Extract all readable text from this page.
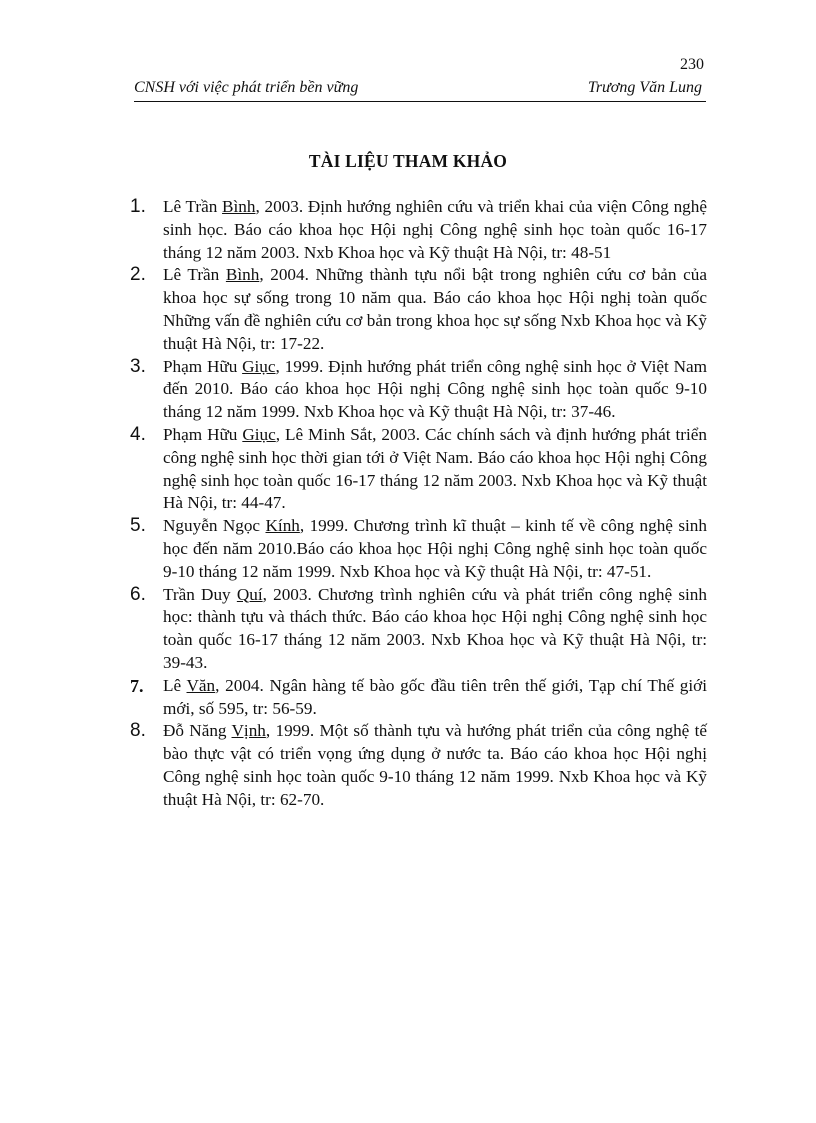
230
CNSH với việc phát triển bền vững	Trương Văn Lung
TÀI LIỆU THAM KHẢO
1. Lê Trần Bình, 2003. Định hướng nghiên cứu và triển khai của viện Công nghệ sinh học. Báo cáo khoa học Hội nghị Công nghệ sinh học toàn quốc 16-17 tháng 12 năm 2003. Nxb Khoa học và Kỹ thuật Hà Nội, tr: 48-51
2. Lê Trần Bình, 2004. Những thành tựu nổi bật trong nghiên cứu cơ bản của khoa học sự sống trong 10 năm qua. Báo cáo khoa học Hội nghị toàn quốc Những vấn đề nghiên cứu cơ bản trong khoa học sự sống Nxb Khoa học và Kỹ thuật Hà Nội, tr: 17-22.
3. Phạm Hữu Giục, 1999. Định hướng phát triển công nghệ sinh học ở Việt Nam đến 2010. Báo cáo khoa học Hội nghị Công nghệ sinh học toàn quốc 9-10 tháng 12 năm 1999. Nxb Khoa học và Kỹ thuật Hà Nội, tr: 37-46.
4. Phạm Hữu Giục, Lê Minh Sắt, 2003. Các chính sách và định hướng phát triển công nghệ sinh học thời gian tới ở Việt Nam. Báo cáo khoa học Hội nghị Công nghệ sinh học toàn quốc 16-17 tháng 12 năm 2003. Nxb Khoa học và Kỹ thuật Hà Nội, tr: 44-47.
5. Nguyễn Ngọc Kính, 1999. Chương trình kĩ thuật – kinh tế về công nghệ sinh học đến năm 2010.Báo cáo khoa học Hội nghị Công nghệ sinh học toàn quốc 9-10 tháng 12 năm 1999. Nxb Khoa học và Kỹ thuật Hà Nội, tr: 47-51.
6. Trần Duy Quí, 2003. Chương trình nghiên cứu và phát triển công nghệ sinh học: thành tựu và thách thức. Báo cáo khoa học Hội nghị Công nghệ sinh học toàn quốc 16-17 tháng 12 năm 2003. Nxb Khoa học và Kỹ thuật Hà Nội, tr: 39-43.
7. Lê Văn, 2004. Ngân hàng tế bào gốc đầu tiên trên thế giới, Tạp chí Thế giới mới, số 595, tr: 56-59.
8. Đỗ Năng Vịnh, 1999. Một số thành tựu và hướng phát triển của công nghệ tế bào thực vật có triển vọng ứng dụng ở nước ta. Báo cáo khoa học Hội nghị Công nghệ sinh học toàn quốc 9-10 tháng 12 năm 1999. Nxb Khoa học và Kỹ thuật Hà Nội, tr: 62-70.
